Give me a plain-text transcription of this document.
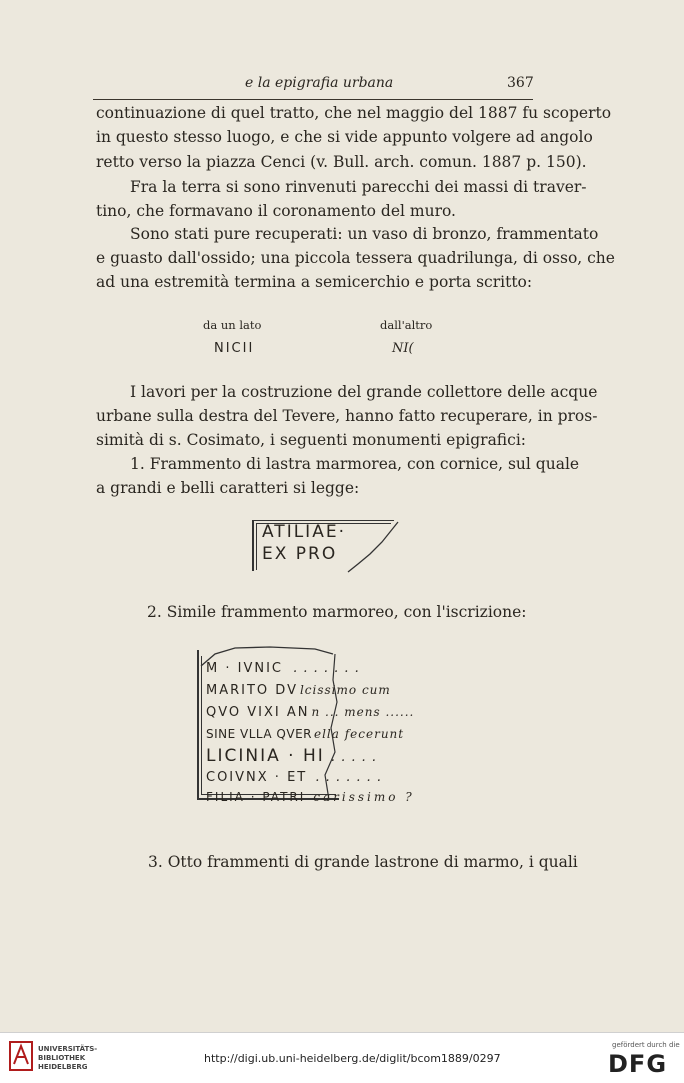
e la epigrafia urbana	367
continuazione di quel tratto, che nel maggio del 1887 fu scoperto
in questo stesso luogo, e che si vide appunto volgere ad angolo
retto verso la piazza Cenci (v. Bull. arch. comun. 1887 p. 150).
Fra la terra si sono rinvenuti parecchi dei massi di traver-
tino, che formavano il coronamento del muro.
Sono stati pure recuperati: un vaso di bronzo, frammentato
e guasto dall'ossido; una piccola tessera quadrilunga, di osso, che
ad una estremità termina a semicerchio e porta scritto:
da un lato	dall'altro
NICII	NI(
I lavori per la costruzione del grande collettore delle acque
urbane sulla destra del Tevere, hanno fatto recuperare, in pros-
simità di s. Cosimato, i seguenti monumenti epigrafici:
1. Frammento di lastra marmorea, con cornice, sul quale
a grandi e belli caratteri si legge:
ATILIAE·
EX PRO
2. Simile frammento marmoreo, con l'iscrizione:
M · IVNIC . . . . . . .
MARITO DV lcissimo cum
QVO VIXI AN n ... mens ......
SINE VLLA QVER ella fecerunt
LICINIA · HI . . . . .
COIVNX · ET . . . . . . .
FILIA · PATRI carissimo ?
3. Otto frammenti di grande lastrone di marmo, i quali
UNIVERSITÄTS-
BIBLIOTHEK
HEIDELBERG
http://digi.ub.uni-heidelberg.de/diglit/bcom1889/0297
gefördert durch die
DFG
